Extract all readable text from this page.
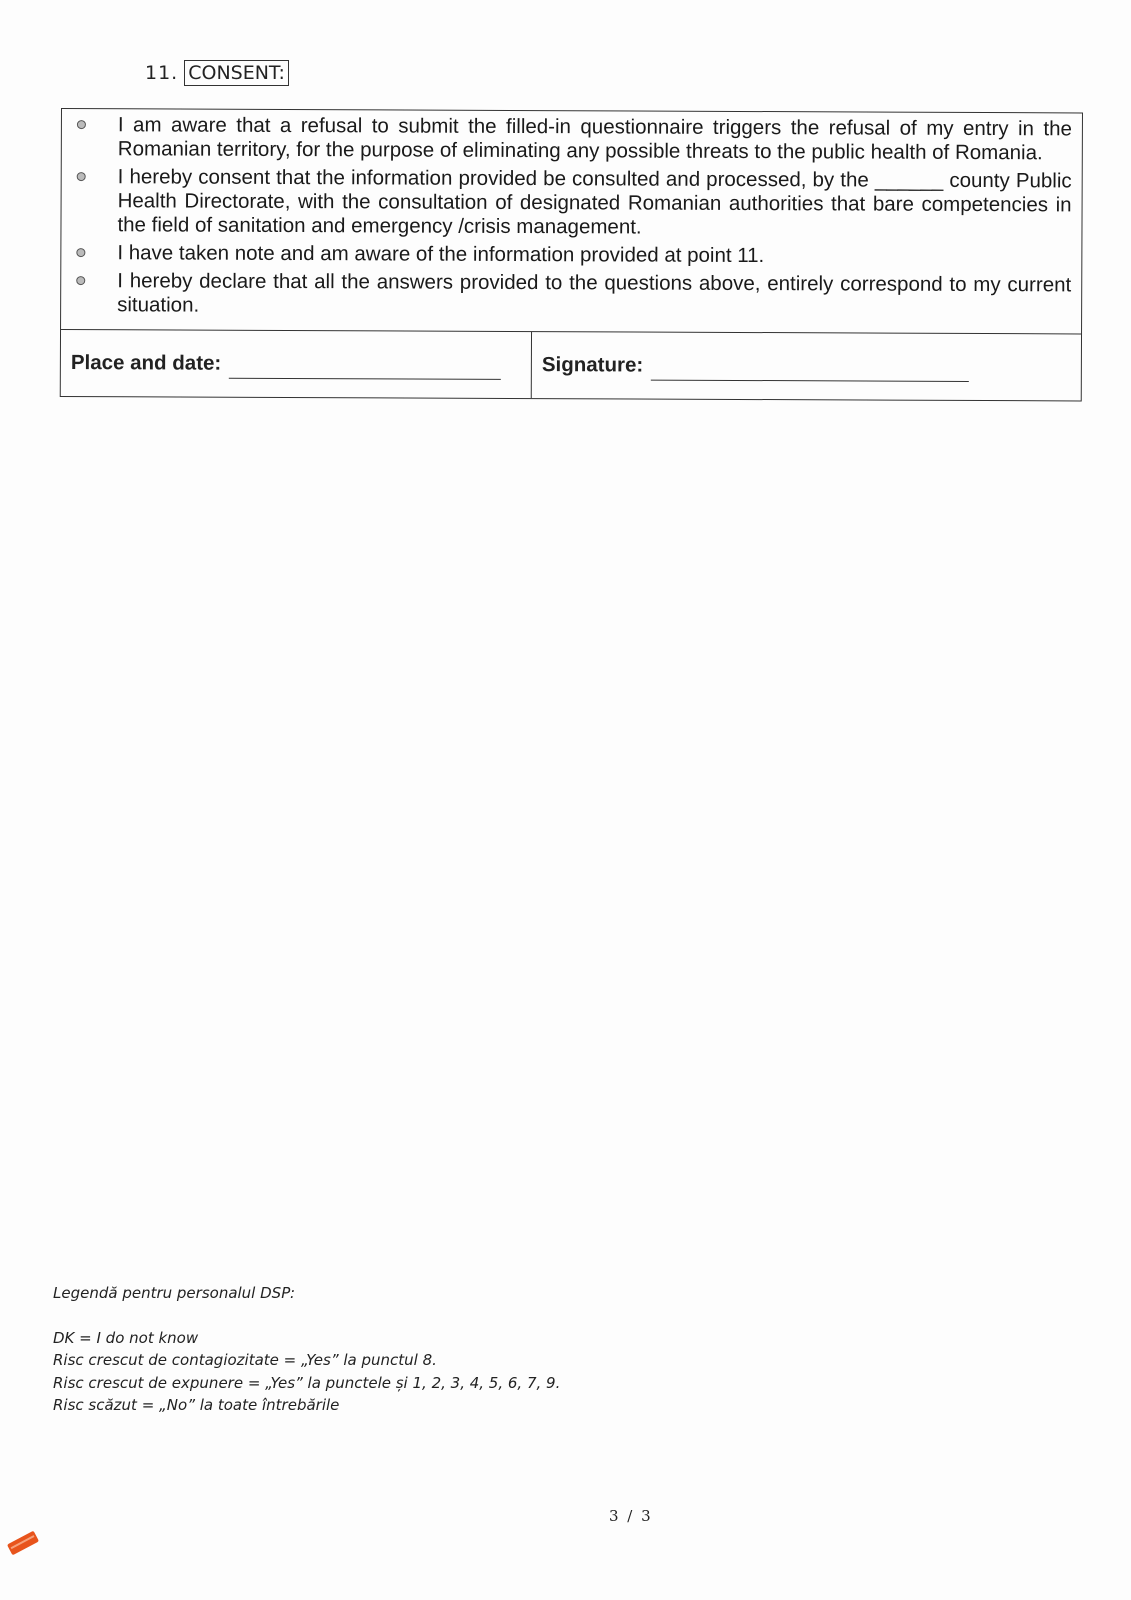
11. CONSENT:
I am aware that a refusal to submit the filled-in questionnaire triggers the refusal of my entry in the Romanian territory, for the purpose of eliminating any possible threats to the public health of Romania.
I hereby consent that the information provided be consulted and processed, by the ______ county Public Health Directorate, with the consultation of designated Romanian authorities that bare competencies in the field of sanitation and emergency /crisis management.
I have taken note and am aware of the information provided at point 11.
I hereby declare that all the answers provided to the questions above, entirely correspond to my current situation.
Place and date:	Signature:
Legendă pentru personalul DSP:
DK = I do not know
Risc crescut de contagiozitate = „Yes” la punctul 8.
Risc crescut de expunere = „Yes” la punctele și 1, 2, 3, 4, 5, 6, 7, 9.
Risc scăzut = „No” la toate întrebările
3 / 3
